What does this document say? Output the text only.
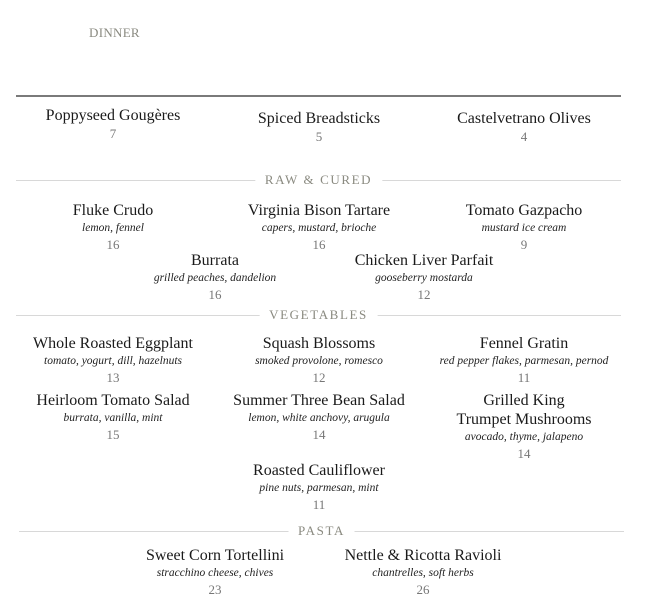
DINNER
Poppyseed Gougères
7
Spiced Breadsticks
5
Castelvetrano Olives
4
RAW & CURED
Fluke Crudo
lemon, fennel
16
Virginia Bison Tartare
capers, mustard, brioche
16
Tomato Gazpacho
mustard ice cream
9
Burrata
grilled peaches, dandelion
16
Chicken Liver Parfait
gooseberry mostarda
12
VEGETABLES
Whole Roasted Eggplant
tomato, yogurt, dill, hazelnuts
13
Squash Blossoms
smoked provolone, romesco
12
Fennel Gratin
red pepper flakes, parmesan, pernod
11
Heirloom Tomato Salad
burrata, vanilla, mint
15
Summer Three Bean Salad
lemon, white anchovy, arugula
14
Grilled King
Trumpet Mushrooms
avocado, thyme, jalapeno
14
Roasted Cauliflower
pine nuts, parmesan, mint
11
PASTA
Sweet Corn Tortellini
stracchino cheese, chives
23
Nettle & Ricotta Ravioli
chantrelles, soft herbs
26
